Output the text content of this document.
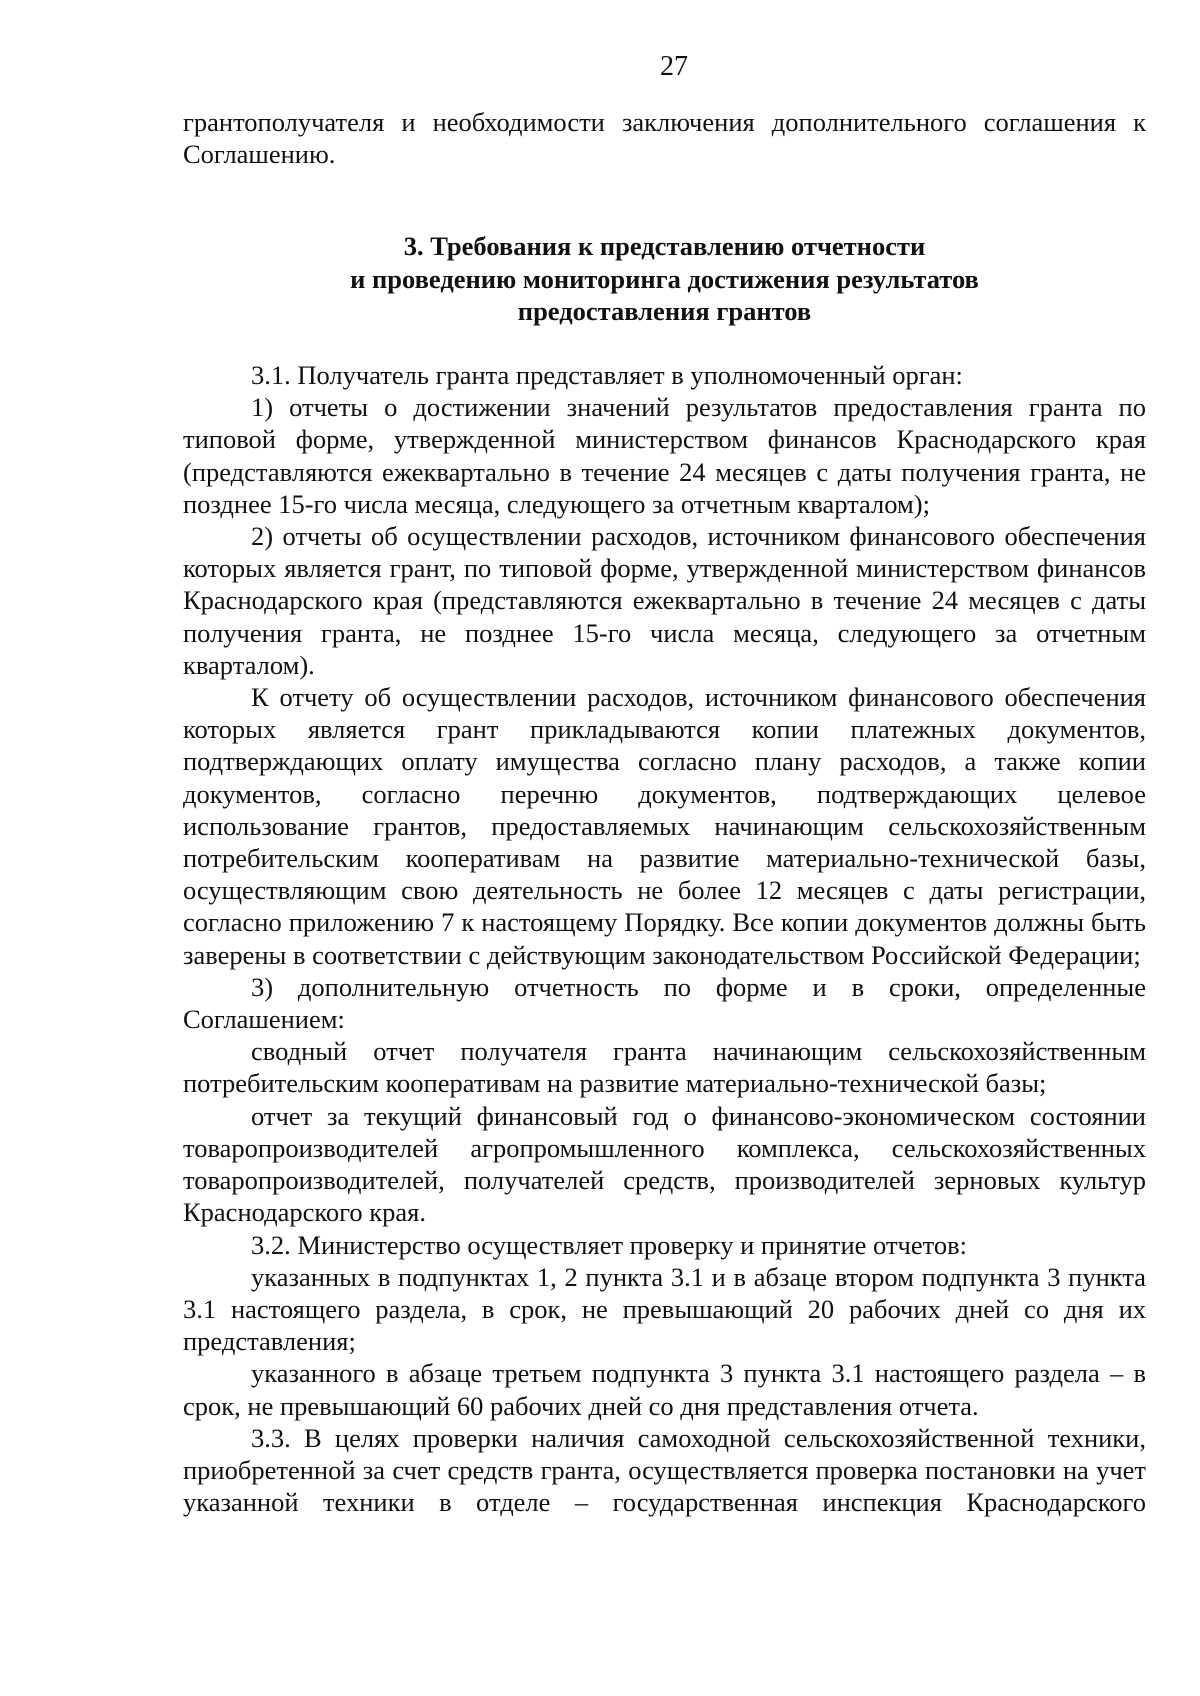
27

грантополучателя и необходимости заключения дополнительного соглашения к Соглашению.

3. Требования к представлению отчетности
и проведению мониторинга достижения результатов
предоставления грантов

3.1. Получатель гранта представляет в уполномоченный орган:

1) отчеты о достижении значений результатов предоставления гранта по типовой форме, утвержденной министерством финансов Краснодарского края (представляются ежеквартально в течение 24 месяцев с даты получения гранта, не позднее 15-го числа месяца, следующего за отчетным кварталом);

2) отчеты об осуществлении расходов, источником финансового обеспечения которых является грант, по типовой форме, утвержденной министерством финансов Краснодарского края (представляются ежеквартально в течение 24 месяцев с даты получения гранта, не позднее 15-го числа месяца, следующего за отчетным кварталом).

К отчету об осуществлении расходов, источником финансового обеспечения которых является грант прикладываются копии платежных документов, подтверждающих оплату имущества согласно плану расходов, а также копии документов, согласно перечню документов, подтверждающих целевое использование грантов, предоставляемых начинающим сельскохозяйственным потребительским кооперативам на развитие материально-технической базы, осуществляющим свою деятельность не более 12 месяцев с даты регистрации, согласно приложению 7 к настоящему Порядку. Все копии документов должны быть заверены в соответствии с действующим законодательством Российской Федерации;

3) дополнительную отчетность по форме и в сроки, определенные Соглашением:

сводный отчет получателя гранта начинающим сельскохозяйственным потребительским кооперативам на развитие материально-технической базы;

отчет за текущий финансовый год о финансово-экономическом состоянии товаропроизводителей агропромышленного комплекса, сельскохозяйственных товаропроизводителей, получателей средств, производителей зерновых культур Краснодарского края.

3.2. Министерство осуществляет проверку и принятие отчетов:

указанных в подпунктах 1, 2 пункта 3.1 и в абзаце втором подпункта 3 пункта 3.1 настоящего раздела, в срок, не превышающий 20 рабочих дней со дня их представления;

указанного в абзаце третьем подпункта 3 пункта 3.1 настоящего раздела – в срок, не превышающий 60 рабочих дней со дня представления отчета.

3.3. В целях проверки наличия самоходной сельскохозяйственной техники, приобретенной за счет средств гранта, осуществляется проверка постановки на учет указанной техники в отделе – государственная инспекция Краснодарского
